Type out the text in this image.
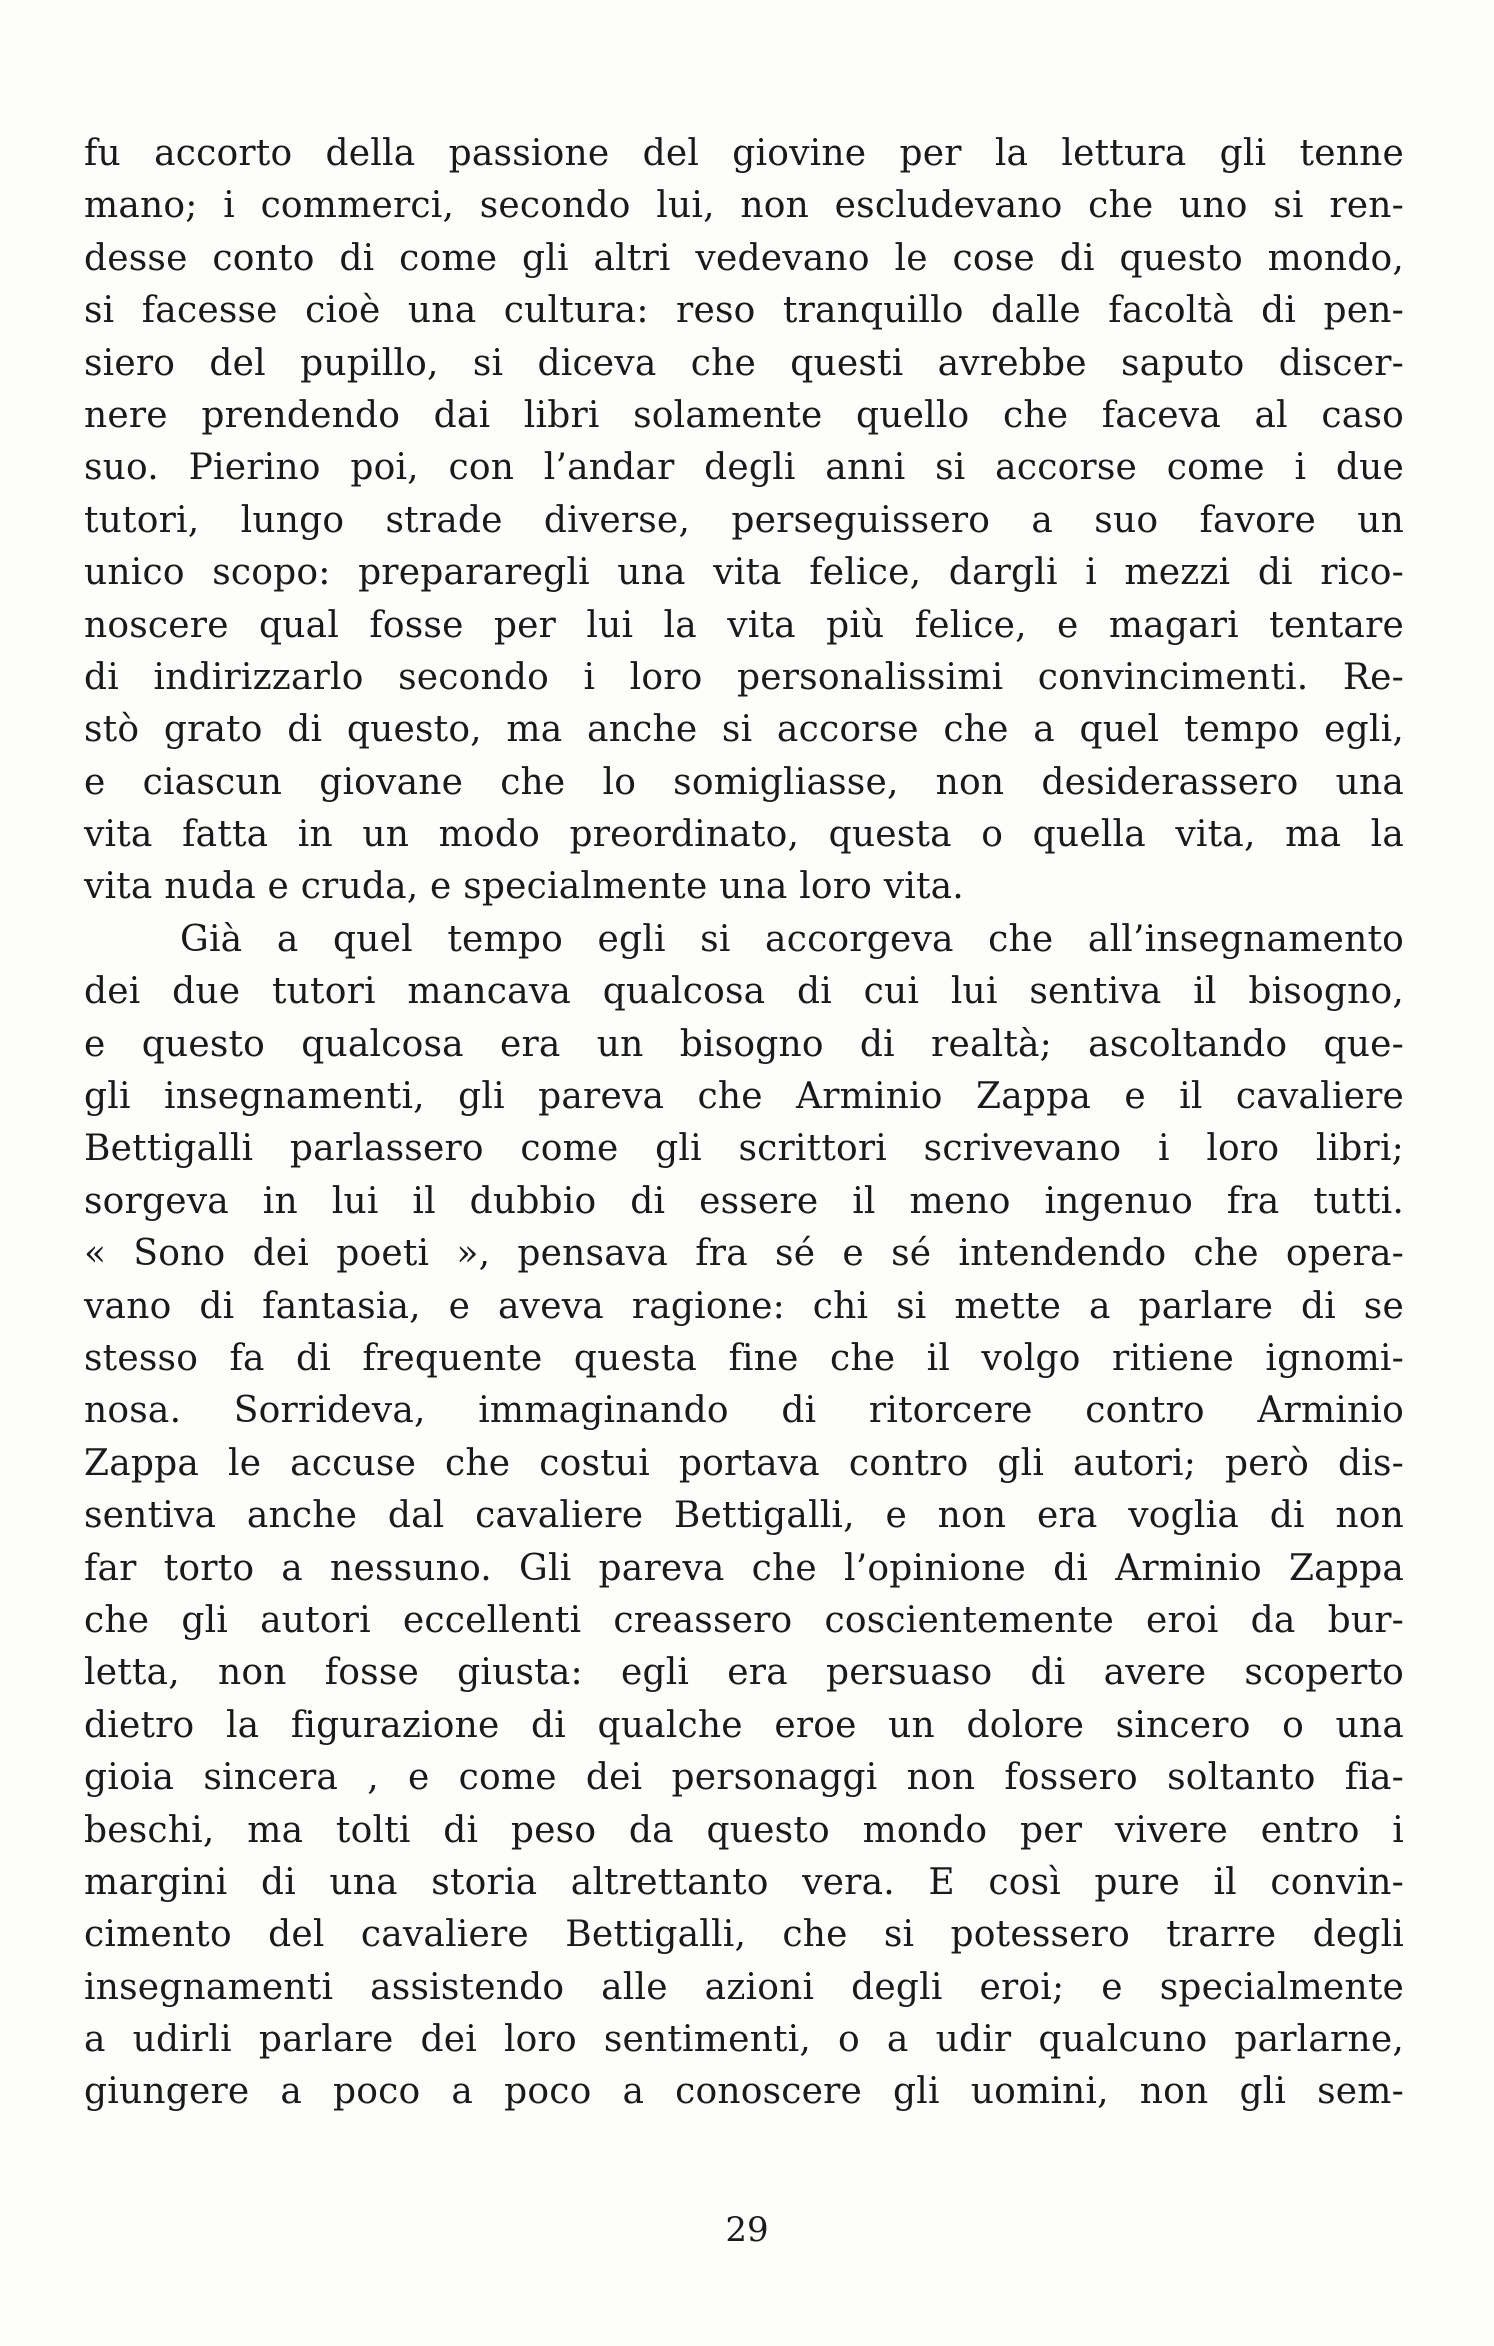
fu accorto della passione del giovine per la lettura gli tenne
mano; i commerci, secondo lui, non escludevano che uno si ren-
desse conto di come gli altri vedevano le cose di questo mondo,
si facesse cioè una cultura: reso tranquillo dalle facoltà di pen-
siero del pupillo, si diceva che questi avrebbe saputo discer-
nere prendendo dai libri solamente quello che faceva al caso
suo. Pierino poi, con l’andar degli anni si accorse come i due
tutori, lungo strade diverse, perseguissero a suo favore un
unico scopo: prepararegli una vita felice, dargli i mezzi di rico-
noscere qual fosse per lui la vita più felice, e magari tentare
di indirizzarlo secondo i loro personalissimi convincimenti. Re-
stò grato di questo, ma anche si accorse che a quel tempo egli,
e ciascun giovane che lo somigliasse, non desiderassero una
vita fatta in un modo preordinato, questa o quella vita, ma la
vita nuda e cruda, e specialmente una loro vita.
Già a quel tempo egli si accorgeva che all’insegnamento
dei due tutori mancava qualcosa di cui lui sentiva il bisogno,
e questo qualcosa era un bisogno di realtà; ascoltando que-
gli insegnamenti, gli pareva che Arminio Zappa e il cavaliere
Bettigalli parlassero come gli scrittori scrivevano i loro libri;
sorgeva in lui il dubbio di essere il meno ingenuo fra tutti.
« Sono dei poeti », pensava fra sé e sé intendendo che opera-
vano di fantasia, e aveva ragione: chi si mette a parlare di se
stesso fa di frequente questa fine che il volgo ritiene ignomi-
nosa. Sorrideva, immaginando di ritorcere contro Arminio
Zappa le accuse che costui portava contro gli autori; però dis-
sentiva anche dal cavaliere Bettigalli, e non era voglia di non
far torto a nessuno. Gli pareva che l’opinione di Arminio Zappa
che gli autori eccellenti creassero coscientemente eroi da bur-
letta, non fosse giusta: egli era persuaso di avere scoperto
dietro la figurazione di qualche eroe un dolore sincero o una
gioia sincera , e come dei personaggi non fossero soltanto fia-
beschi, ma tolti di peso da questo mondo per vivere entro i
margini di una storia altrettanto vera. E così pure il convin-
cimento del cavaliere Bettigalli, che si potessero trarre degli
insegnamenti assistendo alle azioni degli eroi; e specialmente
a udirli parlare dei loro sentimenti, o a udir qualcuno parlarne,
giungere a poco a poco a conoscere gli uomini, non gli sem-
29
